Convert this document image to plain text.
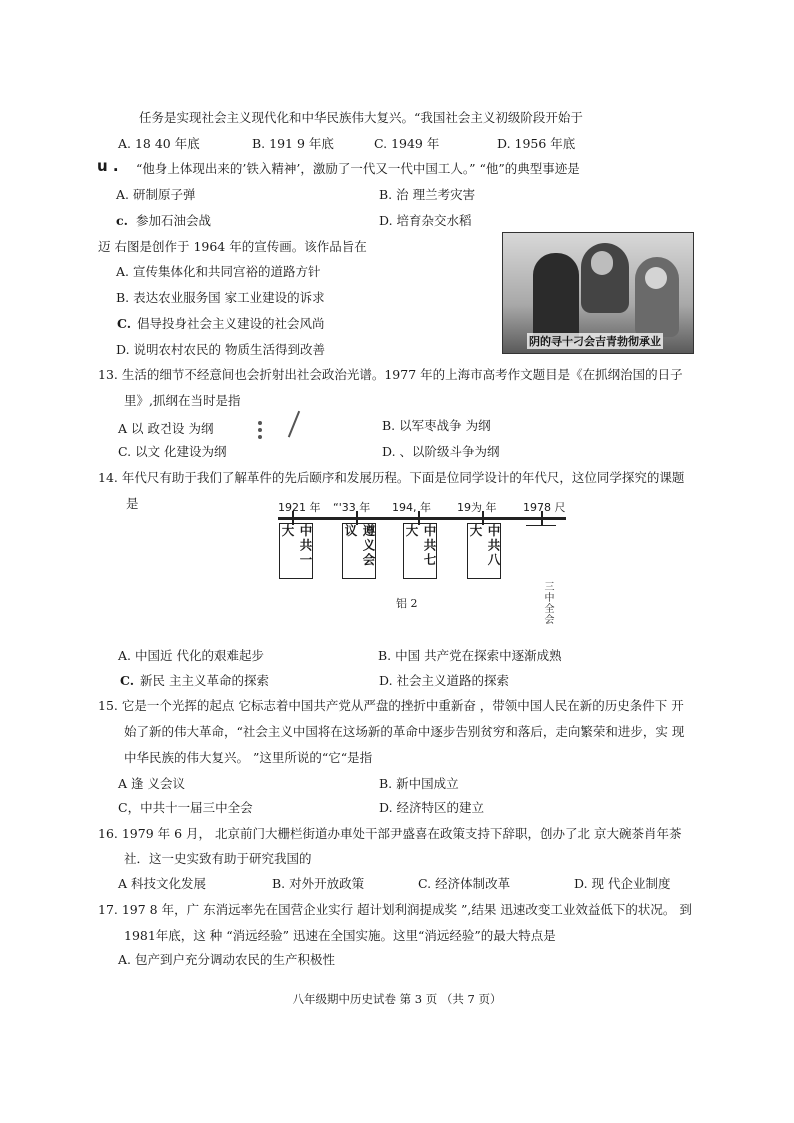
任务是实现社会主义现代化和中华民族伟大复兴。“我国社会主义初级阶段开始于
A. 18 40 年底	B. 191 9 年底	C. 1949 年	D. 1956 年底
“他身上体现出来的’铁入精神’，激励了一代又一代中国工人。” “他”的典型事迹是
A. 研制原子弹	B. 治 理兰考灾害
参加石油会战	D. 培育杂交水稻
迈 右图是创作于 1964 年的宣传画。该作品旨在
A. 宣传集体化和共同宫裕的道路方针
B. 表达农业服务国 家工业建设的诉求
倡导投身社会主义建设的社会风尚
D. 说明农村农民的 物质生活得到改善
13. 生活的细节不经意间也会折射出社会政治光谱。1977 年的上海市高考作文题目是《在抓纲治国的日子
里》,抓纲在当时是指
A 以 政건设 为纲	B. 以军枣战争 为纲
C. 以文 化建设为纲	D. 、以阶级斗争为纲
14. 年代尺有助于我们了解革件的先后颐序和发展历程。下面是位同学设计的年代尺，这位同学探究的课题
是
A. 中国近 代化的艰难起步	B. 中国 共产党在探索中逐渐成熟
新民 主主义革命的探索	D. 社会主义道路的探索
15. 它是一个光挥的起点 它标志着中国共产党从严盘的挫折中重新奋 ，带领中国人民在新的历史条件下 开
始了新的伟大革命，“社会主义中国将在这场新的革命中逐步告别贫穷和落后，走向繁荣和进步，实 现
中华民族的伟大复兴。 ”这里所说的“它“是指
A 逢 义会议	B. 新中国成立
C，中共十一届三中全会	D. 经济特区的建立
16. 1979 年 6 月， 北京前门大栅栏街道办車处干部尹盛喜在政策支持下辞职，创办了北 京大碗茶肖年茶
社．这一史实致有助于研究我国的
A 科技文化发展	B. 对外开放政策	C. 经济体制改革	D. 现 代企业制度
17. 197 8 年，广 东消远率先在国营企业实行 超计划利润提成奖 ”,结果 迅速改变工业效益低下的状况。 到
1981年底，这 种 “消远经验” 迅速在全国实施。这里“消远经验”的最大特点是
A. 包产到户充分调动农民的生产积极性
u .
c.
C.
C.
阴的寻十刁会吉青勃彻承业
1921 年 “'33 年 194, 年 19为 年 1978 尺
中共一大	遵义会议	中共七大	中共八大
三中全会
铝 2
八年级期中历史试卷 第 3 页 （共 7 页）
